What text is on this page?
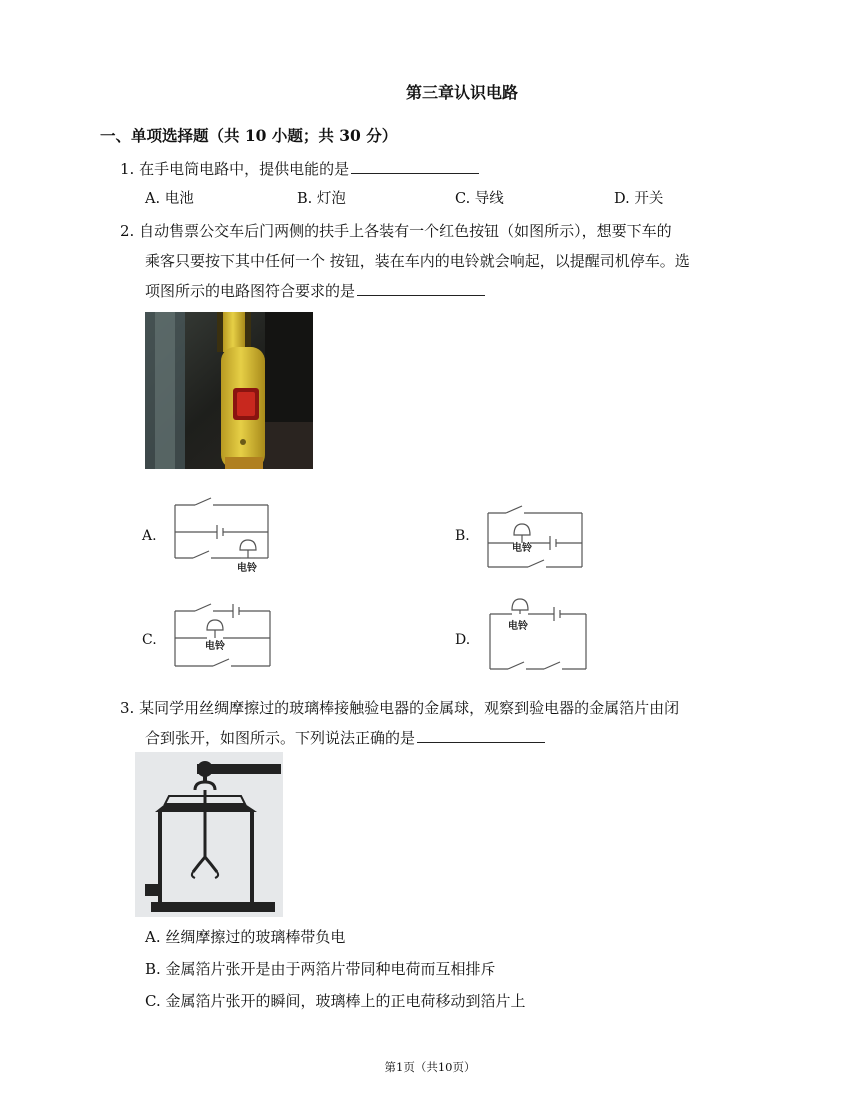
第三章认识电路
一、单项选择题（共 10 小题；共 30 分）
1. 在手电筒电路中，提供电能的是
A. 电池	B. 灯泡	C. 导线	D. 开关
2. 自动售票公交车后门两侧的扶手上各装有一个红色按钮（如图所示），想要下车的
乘客只要按下其中任何一个 按钮，装在车内的电铃就会响起，以提醒司机停车。选
项图所示的电路图符合要求的是
A.
电铃
B.
电铃
C.	电铃	D.
电铃
3. 某同学用丝绸摩擦过的玻璃棒接触验电器的金属球，观察到验电器的金属箔片由闭
合到张开，如图所示。下列说法正确的是
A. 丝绸摩擦过的玻璃棒带负电
B. 金属箔片张开是由于两箔片带同种电荷而互相排斥
C. 金属箔片张开的瞬间，玻璃棒上的正电荷移动到箔片上
第1页（共10页）
